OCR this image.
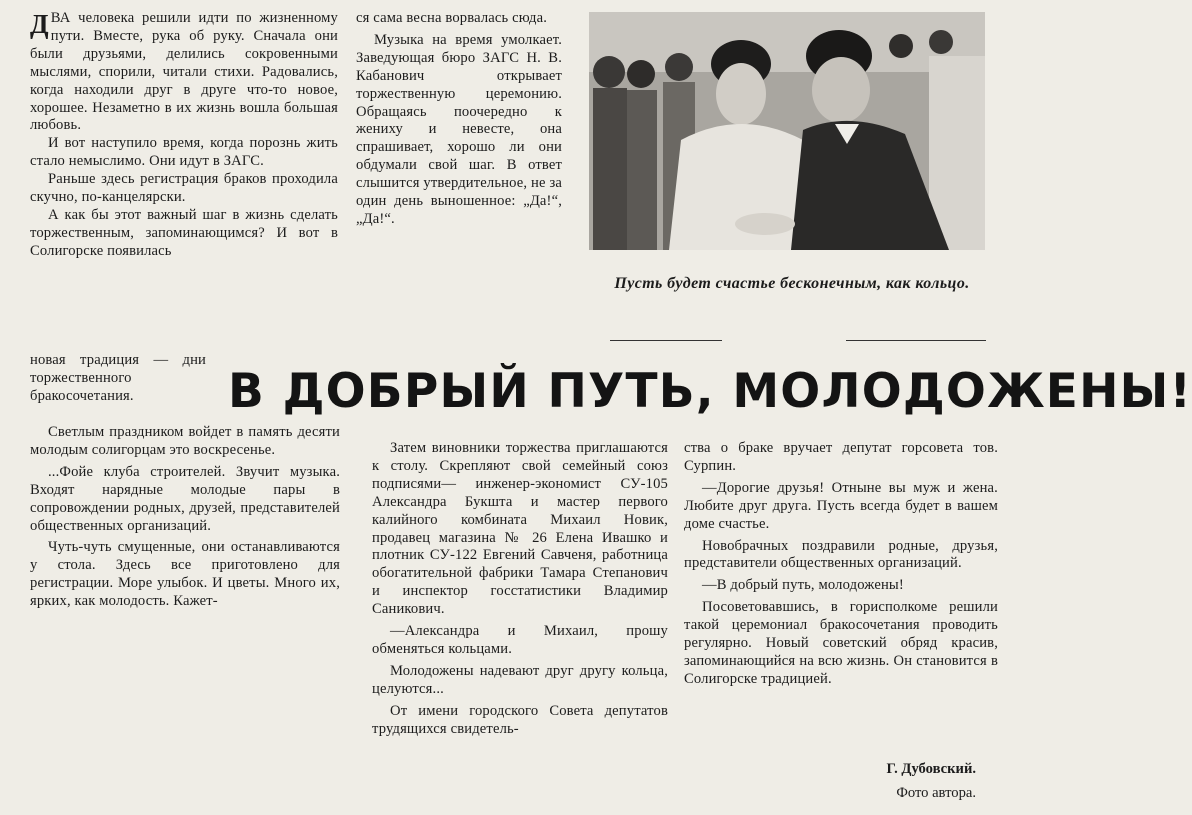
ДВА человека решили идти по жизненному пути. Вместе, рука об руку. Сначала они были друзьями, делились сокровенными мыслями, спорили, читали стихи. Радовались, когда находили друг в друге что-то новое, хорошее. Незаметно в их жизнь вошла большая любовь.

И вот наступило время, когда порознь жить стало немыслимо. Они идут в ЗАГС.

Раньше здесь регистрация браков проходила скучно, по-канцелярски.

А как бы этот важный шаг в жизнь сделать торжественным, запоминающимся? И вот в Солигорске появилась

новая традиция — дни торжественного бракосочетания.

Светлым праздником войдет в память десяти молодым солигорцам это воскресенье.

...Фойе клуба строителей. Звучит музыка. Входят нарядные молодые пары в сопровождении родных, друзей, представителей общественных организаций.

Чуть-чуть смущенные, они останавливаются у стола. Здесь все приготовлено для регистрации. Море улыбок. И цветы. Много их, ярких, как молодость. Кажет-

ся сама весна ворвалась сюда.

Музыка на время умолкает. Заведующая бюро ЗАГС Н. В. Кабанович открывает торжественную церемонию. Обращаясь поочередно к жениху и невесте, она спрашивает, хорошо ли они обдумали свой шаг. В ответ слышится утвердительное, не за один день выношенное: „Да!“, „Да!“.

Пусть будет счастье бесконечным, как кольцо.
В ДОБРЫЙ ПУТЬ, МОЛОДОЖЕНЫ!

Затем виновники торжества приглашаются к столу. Скрепляют свой семейный союз подписями— инженер-экономист СУ-105 Александра Букшта и мастер первого калийного комбината Михаил Новик, продавец магазина № 26 Елена Ивашко и плотник СУ-122 Евгений Савченя, работница обогатительной фабрики Тамара Степанович и инспектор госстатистики Владимир Саникович.

—Александра и Михаил, прошу обменяться кольцами.

Молодожены надевают друг другу кольца, целуются...

От имени городского Совета депутатов трудящихся свидетель-

ства о браке вручает депутат горсовета тов. Сурпин.

—Дорогие друзья! Отныне вы муж и жена. Любите друг друга. Пусть всегда будет в вашем доме счастье.

Новобрачных поздравили родные, друзья, представители общественных организаций.

—В добрый путь, молодожены!

Посоветовавшись, в горисполкоме решили такой церемониал бракосочетания проводить регулярно. Новый советский обряд красив, запоминающийся на всю жизнь. Он становится в Солигорске традицией.

Г. Дубовский.
Фото автора.
